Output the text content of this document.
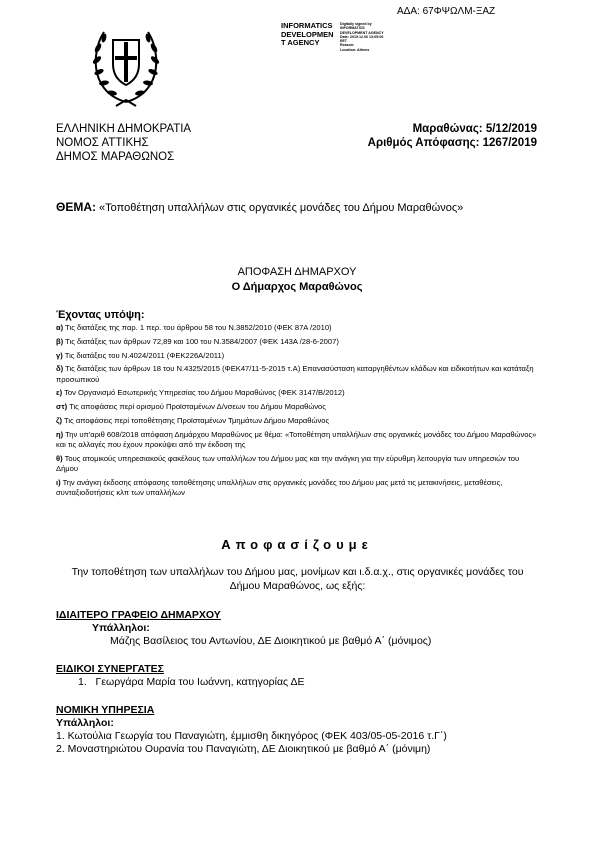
ΑΔΑ: 67ΦΨΩΛΜ-ΞΑΖ
INFORMATICS
DEVELOPMEN
T AGENCY
Digitally signed by
INFORMATICS
DEVELOPMENT AGENCY
Date: 2019.12.06 13:05:06
EET
Reason:
Location: Athens
ΕΛΛΗΝΙΚΗ ΔΗΜΟΚΡΑΤΙΑ
ΝΟΜΟΣ ΑΤΤΙΚΗΣ
ΔΗΜΟΣ ΜΑΡΑΘΩΝΟΣ
Μαραθώνας: 5/12/2019
Αριθμός Απόφασης: 1267/2019
ΘΕΜΑ: «Τοποθέτηση υπαλλήλων στις οργανικές μονάδες του Δήμου Μαραθώνος»
ΑΠΟΦΑΣΗ ΔΗΜΑΡΧΟΥ
Ο Δήμαρχος Μαραθώνος
Έχοντας υπόψη:
α) Τις διατάξεις της παρ. 1 περ. του άρθρου 58 του Ν.3852/2010 (ΦΕΚ 87Α /2010)
β) Τις διατάξεις των άρθρων 72,89 και 100 του Ν.3584/2007 (ΦΕΚ 143Α /28-6-2007)
γ) Τις διατάξεις του Ν.4024/2011 (ΦΕΚ226Α/2011)
δ) Τις διατάξεις των άρθρων 18 του Ν.4325/2015 (ΦΕΚ47/11-5-2015 τ.Α) Επανασύσταση καταργηθέντων κλάδων και ειδικοτήτων και κατάταξη προσωπικού
ε) Τον Οργανισμό Εσωτερικής Υπηρεσίας του Δήμου Μαραθώνος (ΦΕΚ 3147/Β/2012)
στ) Τις αποφάσεις περί ορισμού Προϊσταμένων Δ/νσεων του Δήμου Μαραθώνος
ζ) Τις αποφάσεις περί τοποθέτησης Προϊσταμένων Τμημάτων Δήμου Μαραθώνος
η) Την υπ'αριθ 608/2018 απόφαση Δημάρχου Μαραθώνος με θέμα: «Τοποθέτηση υπαλλήλων στις οργανικές μονάδες του Δήμου Μαραθώνος» και τις αλλαγές που έχουν προκύψει από την έκδοση της
θ) Τους ατομικούς υπηρεσιακούς φακέλους των υπαλλήλων του Δήμου μας και την ανάγκη για την εύρυθμη λειτουργία των υπηρεσιών του Δήμου
ι) Την ανάγκη έκδοσης απόφασης τοποθέτησης υπαλλήλων στις οργανικές μονάδες του Δήμου μας μετά τις μετακινήσεις, μεταθέσεις, συνταξιοδοτήσεις κλπ των υπαλλήλων
Αποφασίζουμε
Την τοποθέτηση των υπαλλήλων του Δήμου μας, μονίμων και ι.δ.α.χ., στις οργανικές μονάδες του Δήμου Μαραθώνος, ως εξής:
ΙΔΙΑΙΤΕΡΟ ΓΡΑΦΕΙΟ ΔΗΜΑΡΧΟΥ
Υπάλληλοι:
Μάζης Βασίλειος του Αντωνίου, ΔΕ Διοικητικού με βαθμό Α΄ (μόνιμος)
ΕΙΔΙΚΟΙ ΣΥΝΕΡΓΑΤΕΣ
1. Γεωργάρα Μαρία του Ιωάννη, κατηγορίας ΔΕ
ΝΟΜΙΚΗ ΥΠΗΡΕΣΙΑ
Υπάλληλοι:
1. Κωτούλια Γεωργία του Παναγιώτη, έμμισθη δικηγόρος (ΦΕΚ 403/05-05-2016 τ.Γ΄)
2. Μοναστηριώτου Ουρανία του Παναγιώτη, ΔΕ Διοικητικού με βαθμό Α΄ (μόνιμη)
